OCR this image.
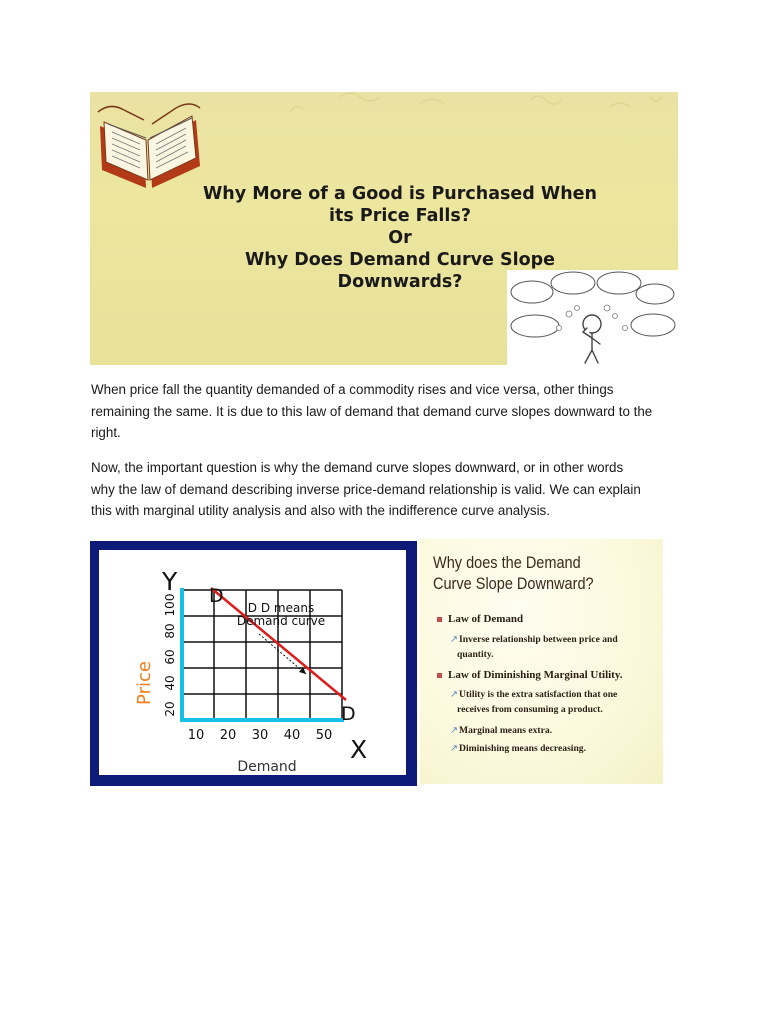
Why More of a Good is Purchased When
its Price Falls?
Or
Why Does Demand Curve Slope
Downwards?
When price fall the quantity demanded of a commodity rises and vice versa, other things
remaining the same. It is due to this law of demand that demand curve slopes downward to the
right.
Now, the important question is why the demand curve slopes downward, or in other words
why the law of demand describing inverse price-demand relationship is valid. We can explain
this with marginal utility analysis and also with the indifference curve analysis.
10 20 30 40 50
20
40
60
80
100
Y
X
D
D
D D means
Demand curve
Demand
Price
Why does the Demand
Curve Slope Downward?
Law of Demand
↗Inverse relationship between price and
quantity.
Law of Diminishing Marginal Utility.
↗Utility is the extra satisfaction that one
receives from consuming a product.
↗Marginal means extra.
↗Diminishing means decreasing.
